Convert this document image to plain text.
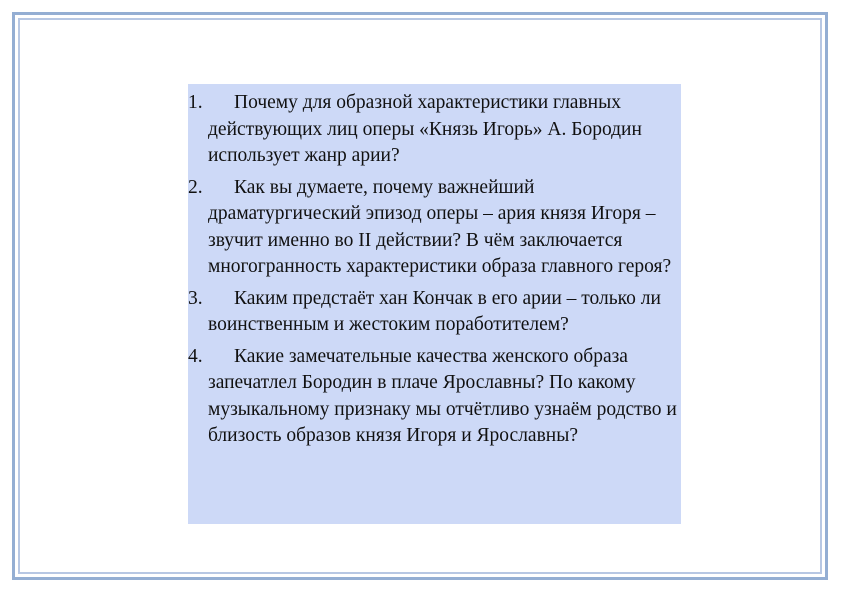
1. Почему для образной характеристики главных действующих лиц оперы «Князь Игорь» А. Бородин использует жанр арии?
2. Как вы думаете, почему важнейший драматургический эпизод оперы – ария князя Игоря – звучит именно во II действии? В чём заключается многогранность характеристики образа главного героя?
3. Каким предстаёт хан Кончак в его арии – только ли воинственным и жестоким поработителем?
4. Какие замечательные качества женского образа запечатлел Бородин в плаче Ярославны? По какому музыкальному признаку мы отчётливо узнаём родство и близость образов князя Игоря и Ярославны?
